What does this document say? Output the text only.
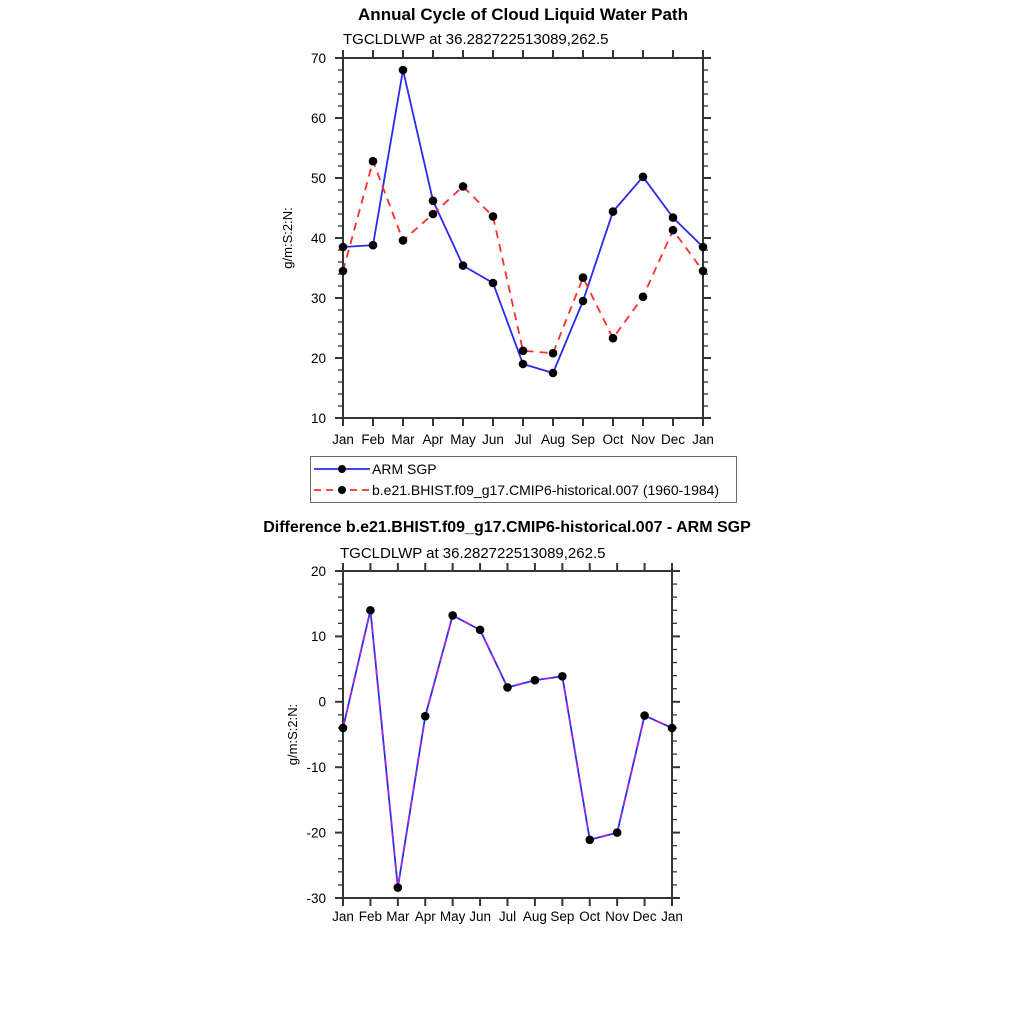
Annual Cycle of Cloud Liquid Water Path
TGCLDLWP at 36.282722513089,262.5
10
20
30
40
50
60
70
Jan Feb Mar Apr May Jun Jul Aug Sep Oct Nov Dec Jan
g/m:S:2:N:
ARM SGP
b.e21.BHIST.f09_g17.CMIP6-historical.007 (1960-1984)
Difference b.e21.BHIST.f09_g17.CMIP6-historical.007 - ARM SGP
TGCLDLWP at 36.282722513089,262.5
-30
-20
-10
0
10
20
Jan Feb Mar Apr May Jun Jul Aug Sep Oct Nov Dec Jan
g/m:S:2:N:
